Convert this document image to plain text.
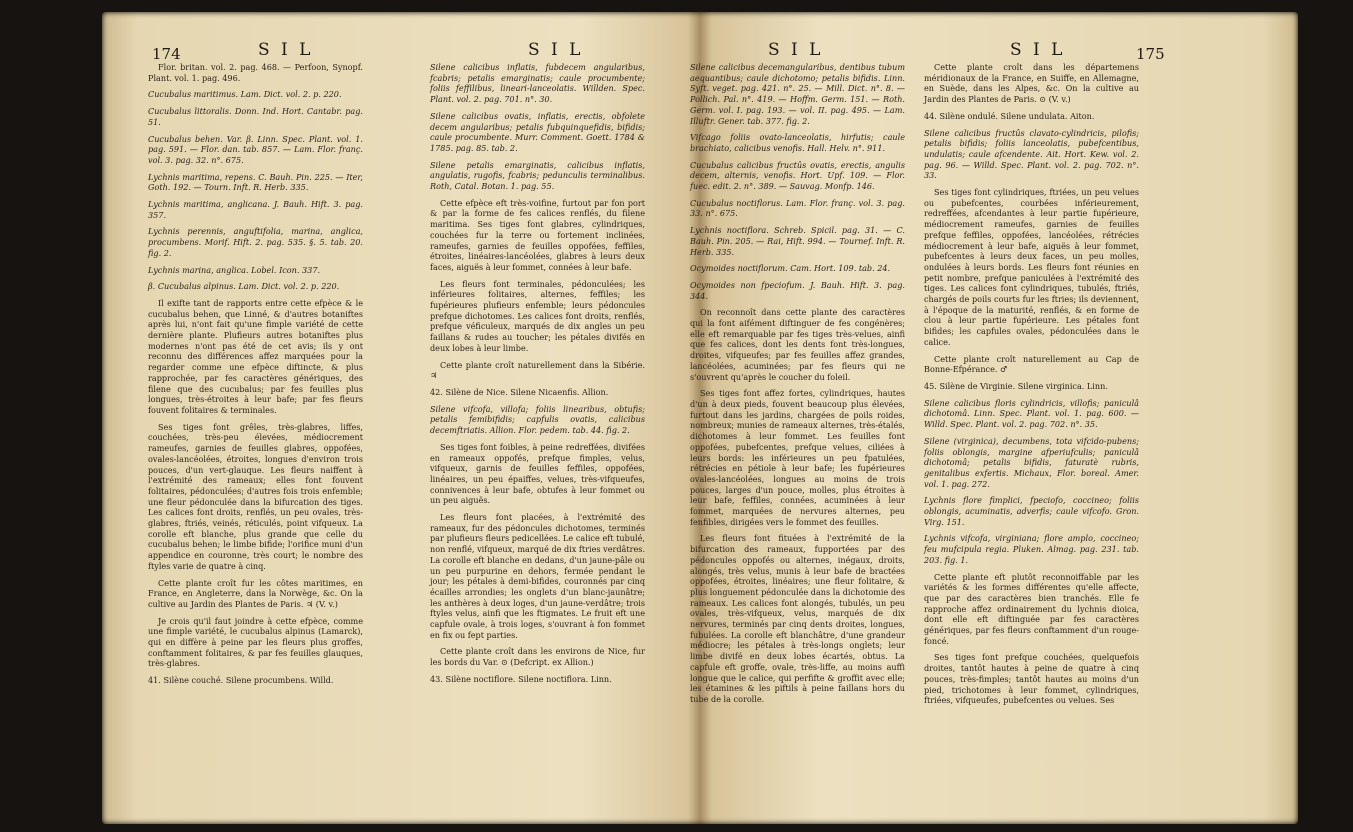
174	S I L	S I L

Flor. britan. vol. 2. pag. 468. — Perfoon, Synopf. Plant. vol. 1. pag. 496.

Cucubalus maritimus. Lam. Dict. vol. 2. p. 220.

Cucubalus littoralis. Donn. Ind. Hort. Cantabr. pag. 51.

Cucubalus behen. Var. β. Linn. Spec. Plant. vol. 1. pag. 591. — Flor. dan. tab. 857. — Lam. Flor. franç. vol. 3. pag. 32. n°. 675.

Lychnis maritima, repens. C. Bauh. Pin. 225. — Iter, Goth. 192. — Tourn. Inft. R. Herb. 335.

Lychnis maritima, anglicana. J. Bauh. Hift. 3. pag. 357.

Lychnis perennis, anguftifolia, marina, anglica, procumbens. Morif. Hift. 2. pag. 535. §. 5. tab. 20. fig. 2.

Lychnis marina, anglica. Lobel. Icon. 337.

β. Cucubalus alpinus. Lam. Dict. vol. 2. p. 220.

Il exifte tant de rapports entre cette efpèce & le cucubalus behen, que Linné, & d'autres botaniftes après lui, n'ont fait qu'une fimple variété de cette dernière plante. Plufieurs autres botaniftes plus modernes n'ont pas été de cet avis; ils y ont reconnu des différences affez marquées pour la regarder comme une efpèce diftincte, & plus rapprochée, par fes caractères génériques, des filene que des cucubalus; par fes feuilles plus longues, très-étroites à leur bafe; par fes fleurs fouvent folitaires & terminales.

Ses tiges font grêles, très-glabres, liffes, couchées, très-peu élevées, médiocrement rameufes, garnies de feuilles glabres, oppofées, ovales-lancéolées, étroites, longues d'environ trois pouces, d'un vert-glauque. Les fleurs naiffent à l'extrémité des rameaux; elles font fouvent folitaires, pédonculées; d'autres fois trois enfemble; une fleur pédonculée dans la bifurcation des tiges. Les calices font droits, renflés, un peu ovales, très-glabres, ftriés, veinés, réticulés, point vifqueux. La corolle eft blanche, plus grande que celle du cucubalus behen; le limbe bifide; l'orifice muni d'un appendice en couronne, très court; le nombre des ftyles varie de quatre à cinq.

Cette plante croît fur les côtes maritimes, en France, en Angleterre, dans la Norwège, &c. On la cultive au Jardin des Plantes de Paris. ♃ (V. v.)

Je crois qu'il faut joindre à cette efpèce, comme une fimple variété, le cucubalus alpinus (Lamarck), qui en diffère à peine par les fleurs plus groffes, conftamment folitaires, & par fes feuilles glauques, très-glabres.

41. Silène couché. Silene procumbens. Willd.

Silene calicibus inflatis, fubdecem angularibus, fcabris; petalis emarginatis; caule procumbente; foliis feffilibus, lineari-lanceolatis. Willden. Spec. Plant. vol. 2. pag. 701. n°. 30.

Silene calicibus ovatis, inflatis, erectis, obfolete decem angularibus; petalis fubquinquefidis, bifidis; caule procumbente. Murr. Comment. Goett. 1784 & 1785. pag. 85. tab. 2.

Silene petalis emarginatis, calicibus inflatis, angulatis, rugofis, fcabris; pedunculis terminalibus. Roth, Catal. Botan. 1. pag. 55.

Cette efpèce eft très-voifine, furtout par fon port & par la forme de fes calices renflés, du filene maritima. Ses tiges font glabres, cylindriques, couchées fur la terre ou fortement inclinées, rameufes, garnies de feuilles oppofées, feffiles, étroites, linéaires-lancéolées, glabres à leurs deux faces, aiguës à leur fommet, connées à leur bafe.

Les fleurs font terminales, pédonculées; les inférieures folitaires, alternes, feffiles; les fupérieures plufieurs enfemble; leurs pédoncules prefque dichotomes. Les calices font droits, renflés, prefque véficuleux, marqués de dix angles un peu faillans & rudes au toucher; les pétales divifés en deux lobes à leur limbe.

Cette plante croît naturellement dans la Sibérie. ♃

42. Silène de Nice. Silene Nicaenfis. Allion.

Silene vifcofa, villofa; foliis linearibus, obtufis; petalis femibifidis; capfulis ovatis, calicibus decemftriatis. Allion. Flor. pedem. tab. 44. fig. 2.

Ses tiges font foibles, à peine redreffées, divifées en rameaux oppofés, prefque fimples, velus, vifqueux, garnis de feuilles feffiles, oppofées, linéaires, un peu épaiffes, velues, très-vifqueufes, connivences à leur bafe, obtufes à leur fommet ou un peu aiguës.

Les fleurs font placées, à l'extrémité des rameaux, fur des pédoncules dichotomes, terminés par plufieurs fleurs pedicellées. Le calice eft tubulé, non renflé, vifqueux, marqué de dix ftries verdâtres. La corolle eft blanche en dedans, d'un jaune-pâle ou un peu purpurine en dehors, fermée pendant le jour; les pétales à demi-bifides, couronnés par cinq écailles arrondies; les onglets d'un blanc-jaunâtre; les anthères à deux loges, d'un jaune-verdâtre; trois ftyles velus, ainfi que les ftigmates. Le fruit eft une capfule ovale, à trois loges, s'ouvrant à fon fommet en fix ou fept parties.

Cette plante croît dans les environs de Nice, fur les bords du Var. ⊙ (Defcript. ex Allion.)

43. Silène noctiflore. Silene noctiflora. Linn.

S I L	S I L	175

Silene calicibus decemangularibus, dentibus tubum aequantibus; caule dichotomo; petalis bifidis. Linn. Syft. veget. pag. 421. n°. 25. — Mill. Dict. n°. 8. — Pollich. Pal. n°. 419. — Hoffm. Germ. 151. — Roth. Germ. vol. I. pag. 193. — vol. II. pag. 495. — Lam. Illuftr. Gener. tab. 377. fig. 2.

Vifcago foliis ovato-lanceolatis, hirfutis; caule brachiato, calicibus venofis. Hall. Helv. n°. 911.

Cucubalus calicibus fructûs ovatis, erectis, angulis decem, alternis, venofis. Hort. Upf. 109. — Flor. fuec. edit. 2. n°. 389. — Sauvag. Monfp. 146.

Cucubalus noctiflorus. Lam. Flor. franç. vol. 3. pag. 33. n°. 675.

Lychnis noctiflora. Schreb. Spicil. pag. 31. — C. Bauh. Pin. 205. — Rai, Hift. 994. — Tournef. Inft. R. Herb. 335.

Ocymoides noctiflorum. Cam. Hort. 109. tab. 24.

Ocymoides non fpeciofum. J. Bauh. Hift. 3. pag. 344.

On reconnoît dans cette plante des caractères qui la font aifément diftinguer de fes congénères; elle eft remarquable par fes tiges très-velues, ainfi que fes calices, dont les dents font très-longues, droites, vifqueufes; par fes feuilles affez grandes, lancéolées, acuminées; par fes fleurs qui ne s'ouvrent qu'après le coucher du foleil.

Ses tiges font affez fortes, cylindriques, hautes d'un à deux pieds, fouvent beaucoup plus élevées, furtout dans les jardins, chargées de poils roides, nombreux; munies de rameaux alternes, très-étalés, dichotomes à leur fommet. Les feuilles font oppofées, pubefcentes, prefque velues, ciliées à leurs bords: les inférieures un peu fpatulées, rétrécies en pétiole à leur bafe; les fupérieures ovales-lancéolées, longues au moins de trois pouces, larges d'un pouce, molles, plus étroites à leur bafe, feffiles, connées, acuminées à leur fommet, marquées de nervures alternes, peu fenfibles, dirigées vers le fommet des feuilles.

Les fleurs font fituées à l'extrémité de la bifurcation des rameaux, fupportées par des pédoncules oppofés ou alternes, inégaux, droits, alongés, très velus, munis à leur bafe de bractées oppofées, étroites, linéaires; une fleur folitaire, & plus longuement pédonculée dans la dichotomie des rameaux. Les calices font alongés, tubulés, un peu ovales, très-vifqueux, velus, marqués de dix nervures, terminés par cinq dents droites, longues, fubulées. La corolle eft blanchâtre, d'une grandeur médiocre; les pétales à très-longs onglets; leur limbe divifé en deux lobes écartés, obtus. La capfule eft groffe, ovale, très-liffe, au moins auffi longue que le calice, qui perfifte & groffit avec elle; les étamines & les piftils à peine faillans hors du tube de la corolle.

Cette plante croît dans les départemens méridionaux de la France, en Suiffe, en Allemagne, en Suède, dans les Alpes, &c. On la cultive au Jardin des Plantes de Paris. ⊙ (V. v.)

44. Silène ondulé. Silene undulata. Aiton.

Silene calicibus fructûs clavato-cylindricis, pilofis; petalis bifidis; foliis lanceolatis, pubefcentibus, undulatis; caule afcendente. Ait. Hort. Kew. vol. 2. pag. 96. — Willd. Spec. Plant. vol. 2. pag. 702. n°. 33.

Ses tiges font cylindriques, ftriées, un peu velues ou pubefcentes, courbées inférieurement, redreffées, afcendantes à leur partie fupérieure, médiocrement rameufes, garnies de feuilles prefque feffiles, oppofées, lancéolées, rétrécies médiocrement à leur bafe, aiguës à leur fommet, pubefcentes à leurs deux faces, un peu molles, ondulées à leurs bords. Les fleurs font réunies en petit nombre, prefque paniculées à l'extrémité des tiges. Les calices font cylindriques, tubulés, ftriés, chargés de poils courts fur les ftries; ils deviennent, à l'époque de la maturité, renflés, & en forme de clou à leur partie fupérieure. Les pétales font bifides; les capfules ovales, pédonculées dans le calice.

Cette plante croît naturellement au Cap de Bonne-Efpérance. ♂

45. Silène de Virginie. Silene virginica. Linn.

Silene calicibus floris cylindricis, villofis; paniculâ dichotomâ. Linn. Spec. Plant. vol. 1. pag. 600. — Willd. Spec. Plant. vol. 2. pag. 702. n°. 35.

Silene (virginica), decumbens, tota vifcido-pubens; foliis oblongis, margine afperiufculis; paniculâ dichotomâ; petalis bifidis, faturatè rubris, genitalibus exfertis. Michaux, Flor. boreal. Amer. vol. 1. pag. 272.

Lychnis flore fimplici, fpeciofo, coccineo; foliis oblongis, acuminatis, adverfis; caule vifcofo. Gron. Virg. 151.

Lychnis vifcofa, virginiana; flore amplo, coccineo; feu mufcipula regia. Pluken. Almag. pag. 231. tab. 203. fig. 1.

Cette plante eft plutôt reconnoiffable par les variétés & les formes différentes qu'elle affecte, que par des caractères bien tranchés. Elle fe rapproche affez ordinairement du lychnis dioica, dont elle eft diftinguée par fes caractères génériques, par fes fleurs conftamment d'un rouge-foncé.

Ses tiges font prefque couchées, quelquefois droites, tantôt hautes à peine de quatre à cinq pouces, très-fimples; tantôt hautes au moins d'un pied, trichotomes à leur fommet, cylindriques, ftriées, vifqueufes, pubefcentes ou velues. Ses
